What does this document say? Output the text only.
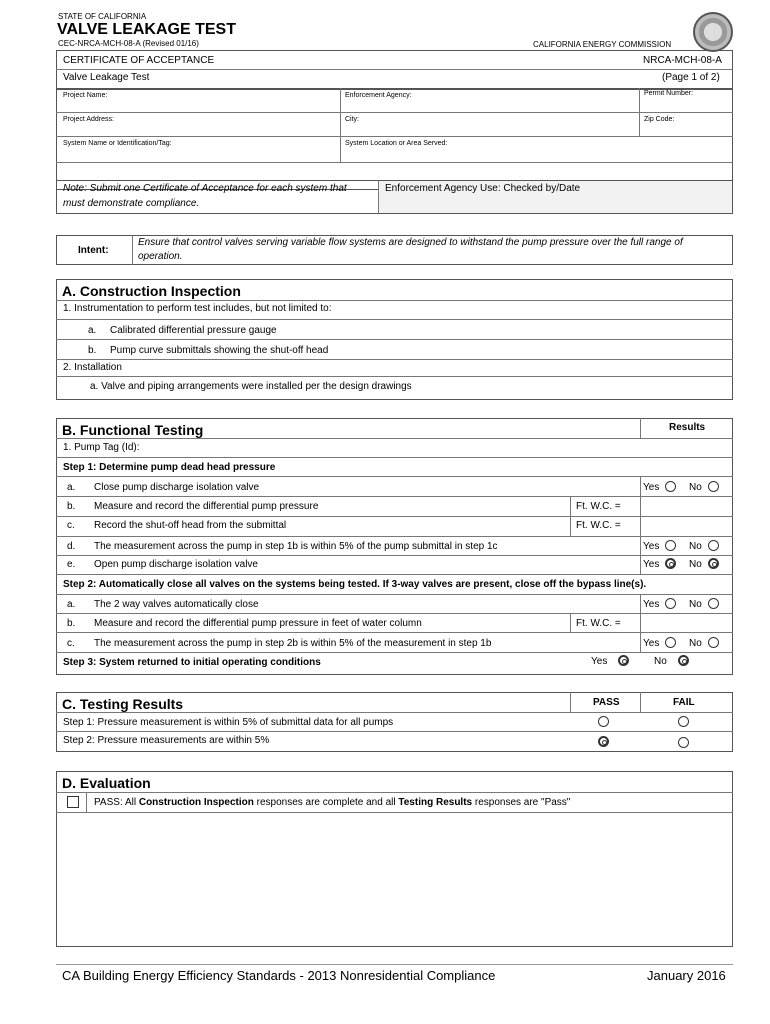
STATE OF CALIFORNIA
VALVE LEAKAGE TEST
CEC-NRCA-MCH-08-A (Revised 01/16)	CALIFORNIA ENERGY COMMISSION
CERTIFICATE OF ACCEPTANCE	NRCA-MCH-08-A
Valve Leakage Test	(Page 1 of 2)
Project Name:	Enforcement Agency:	Permit Number:
Project Address:	City:	Zip Code:
System Name or Identification/Tag:	System Location or Area Served:
Note: Submit one Certificate of Acceptance for each system that
must demonstrate compliance.
Enforcement Agency Use: Checked by/Date
Intent:
Ensure that control valves serving variable flow systems are designed to withstand the pump pressure over the full range of
operation.
A. Construction Inspection
1. Instrumentation to perform test includes, but not limited to:
a. Calibrated differential pressure gauge
b. Pump curve submittals showing the shut-off head
2. Installation
a. Valve and piping arrangements were installed per the design drawings
B. Functional Testing	Results
1. Pump Tag (Id):
Step 1: Determine pump dead head pressure
a. Close pump discharge isolation valve	Yes	No
b. Measure and record the differential pump pressure	Ft. W.C. =
c. Record the shut-off head from the submittal	Ft. W.C. =
d. The measurement across the pump in step 1b is within 5% of the pump submittal in step 1c	Yes	No
e. Open pump discharge isolation valve	Yes	No
Step 2: Automatically close all valves on the systems being tested. If 3-way valves are present, close off the bypass line(s).
a. The 2 way valves automatically close	Yes	No
b. Measure and record the differential pump pressure in feet of water column	Ft. W.C. =
c. The measurement across the pump in step 2b is within 5% of the measurement in step 1b	Yes	No
Step 3: System returned to initial operating conditions	Yes	No
C. Testing Results	PASS	FAIL
Step 1: Pressure measurement is within 5% of submittal data for all pumps
Step 2: Pressure measurements are within 5%
D. Evaluation
PASS: All Construction Inspection responses are complete and all Testing Results responses are "Pass"
CA Building Energy Efficiency Standards - 2013 Nonresidential Compliance	January 2016
